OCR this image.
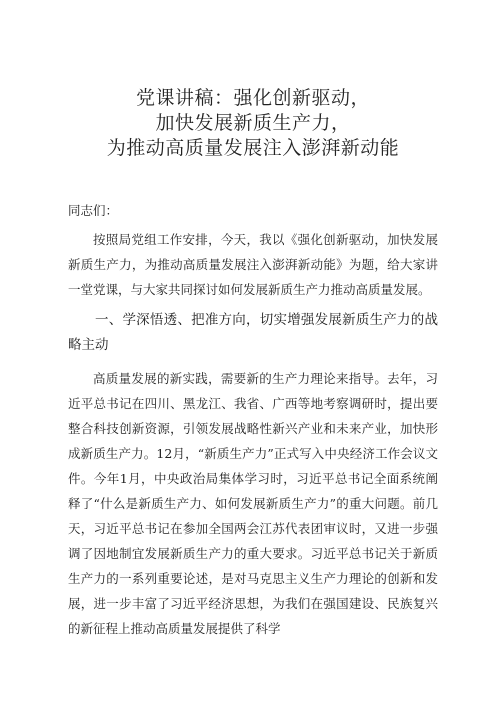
党课讲稿：强化创新驱动，
加快发展新质生产力，
为推动高质量发展注入澎湃新动能
同志们：

按照局党组工作安排，今天，我以《强化创新驱动，加快发展新质生产力，为推动高质量发展注入澎湃新动能》为题，给大家讲一堂党课，与大家共同探讨如何发展新质生产力推动高质量发展。

一、学深悟透、把准方向，切实增强发展新质生产力的战略主动

高质量发展的新实践，需要新的生产力理论来指导。去年，习近平总书记在四川、黑龙江、我省、广西等地考察调研时，提出要整合科技创新资源，引领发展战略性新兴产业和未来产业，加快形成新质生产力。12月，“新质生产力”正式写入中央经济工作会议文件。今年1月，中央政治局集体学习时，习近平总书记全面系统阐释了“什么是新质生产力、如何发展新质生产力”的重大问题。前几天，习近平总书记在参加全国两会江苏代表团审议时，又进一步强调了因地制宜发展新质生产力的重大要求。习近平总书记关于新质生产力的一系列重要论述，是对马克思主义生产力理论的创新和发展，进一步丰富了习近平经济思想，为我们在强国建设、民族复兴的新征程上推动高质量发展提供了科学
